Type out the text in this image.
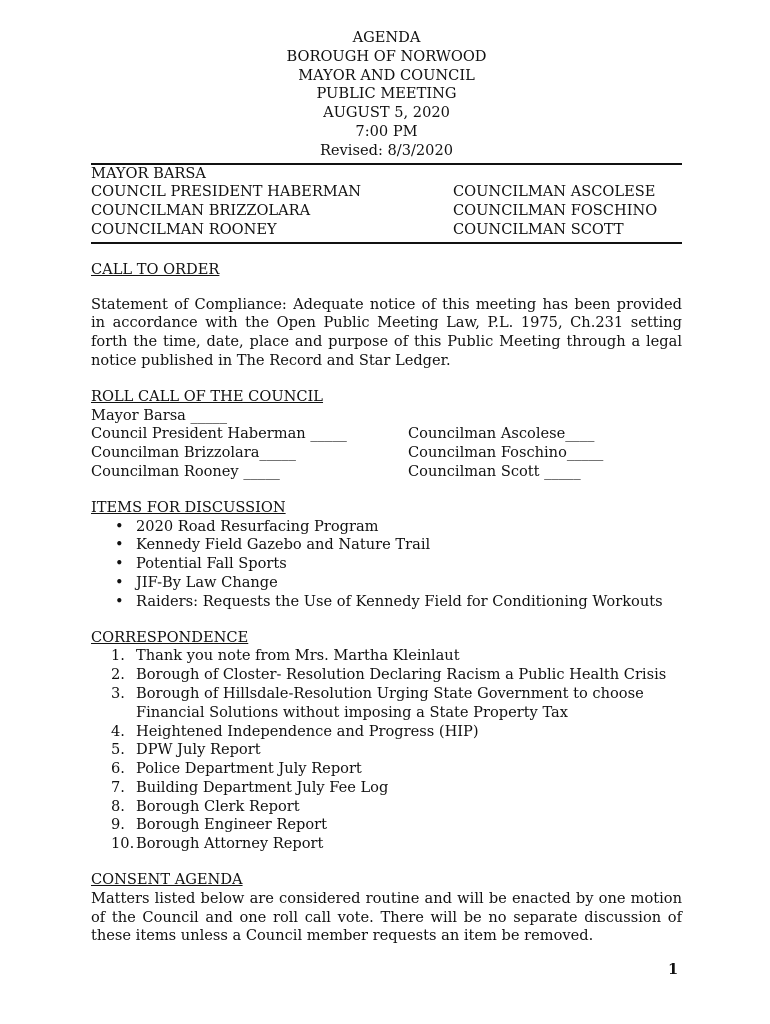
AGENDA
BOROUGH OF NORWOOD
MAYOR AND COUNCIL
PUBLIC MEETING
AUGUST 5, 2020
7:00 PM
Revised: 8/3/2020
MAYOR BARSA
COUNCIL PRESIDENT HABERMAN	COUNCILMAN ASCOLESE
COUNCILMAN BRIZZOLARA	COUNCILMAN FOSCHINO
COUNCILMAN ROONEY	COUNCILMAN SCOTT
CALL TO ORDER
Statement of Compliance: Adequate notice of this meeting has been provided in accordance with the Open Public Meeting Law, P.L. 1975, Ch.231 setting forth the time, date, place and purpose of this Public Meeting through a legal notice published in The Record and Star Ledger.
ROLL CALL OF THE COUNCIL
Mayor Barsa _____
Council President Haberman _____	Councilman Ascolese____
Councilman Brizzolara_____	Councilman Foschino_____
Councilman Rooney _____	Councilman Scott _____
ITEMS FOR DISCUSSION
• 2020 Road Resurfacing Program
• Kennedy Field Gazebo and Nature Trail
• Potential Fall Sports
• JIF-By Law Change
• Raiders: Requests the Use of Kennedy Field for Conditioning Workouts
CORRESPONDENCE
1. Thank you note from Mrs. Martha Kleinlaut
2. Borough of Closter- Resolution Declaring Racism a Public Health Crisis
3. Borough of Hillsdale-Resolution Urging State Government to choose Financial Solutions without imposing a State Property Tax
4. Heightened Independence and Progress (HIP)
5. DPW July Report
6. Police Department July Report
7. Building Department July Fee Log
8. Borough Clerk Report
9. Borough Engineer Report
10. Borough Attorney Report
CONSENT AGENDA
Matters listed below are considered routine and will be enacted by one motion of the Council and one roll call vote. There will be no separate discussion of these items unless a Council member requests an item be removed.
1
